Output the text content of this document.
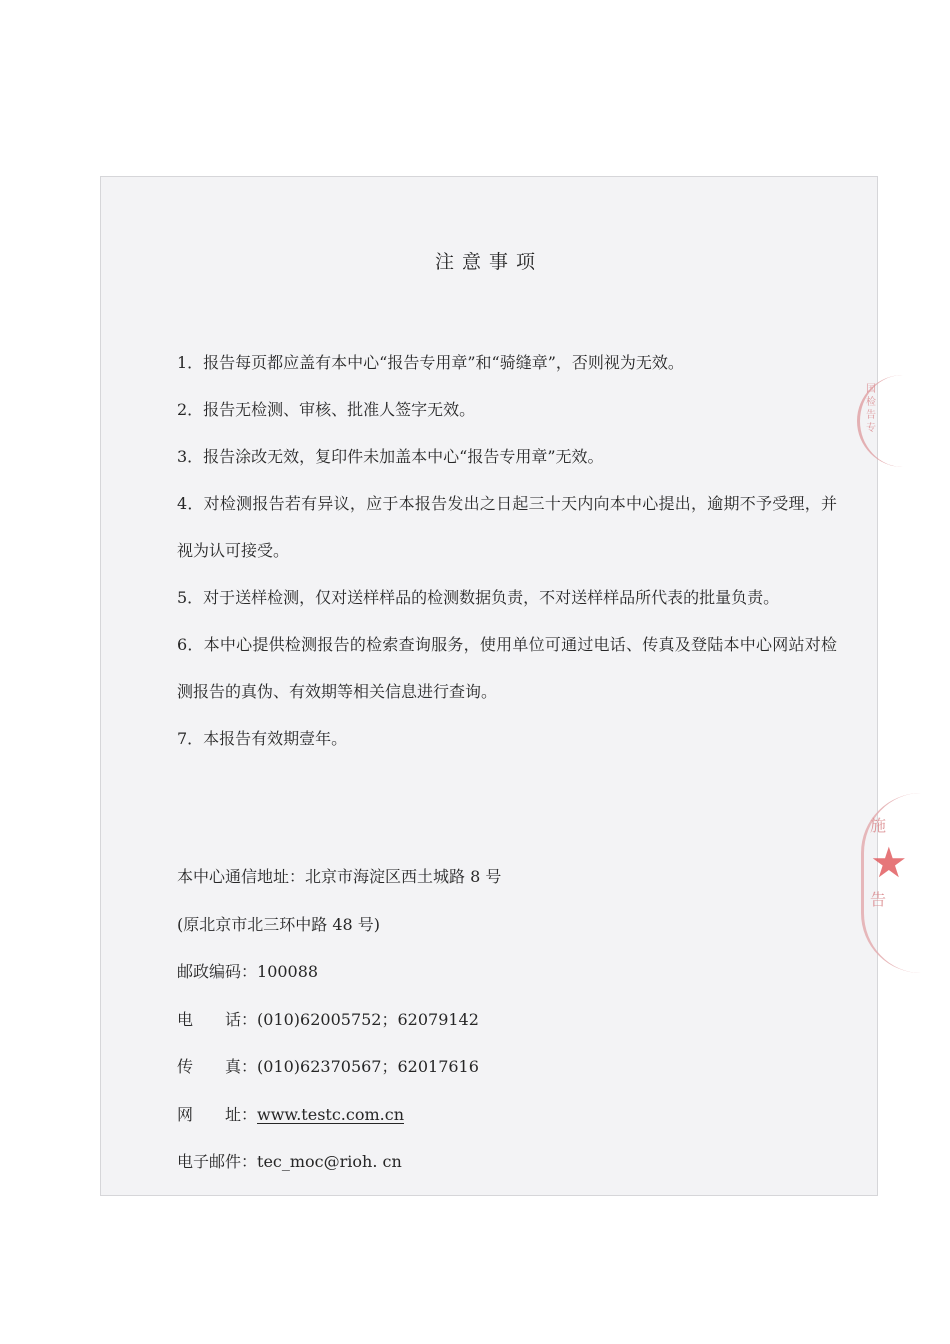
注意事项

1．报告每页都应盖有本中心“报告专用章”和“骑缝章”，否则视为无效。

2．报告无检测、审核、批准人签字无效。

3．报告涂改无效，复印件未加盖本中心“报告专用章”无效。

4．对检测报告若有异议，应于本报告发出之日起三十天内向本中心提出，逾期不予受理，并视为认可接受。

5．对于送样检测，仅对送样样品的检测数据负责，不对送样样品所代表的批量负责。

6．本中心提供检测报告的检索查询服务，使用单位可通过电话、传真及登陆本中心网站对检测报告的真伪、有效期等相关信息进行查询。

7．本报告有效期壹年。

本中心通信地址：北京市海淀区西土城路 8 号

(原北京市北三环中路 48 号)

邮政编码：100088

电　　话：(010)62005752；62079142

传　　真：(010)62370567；62017616

网　　址：www.testc.com.cn

电子邮件：tec_moc@rioh. cn

国
检
告
专
施
★
告
